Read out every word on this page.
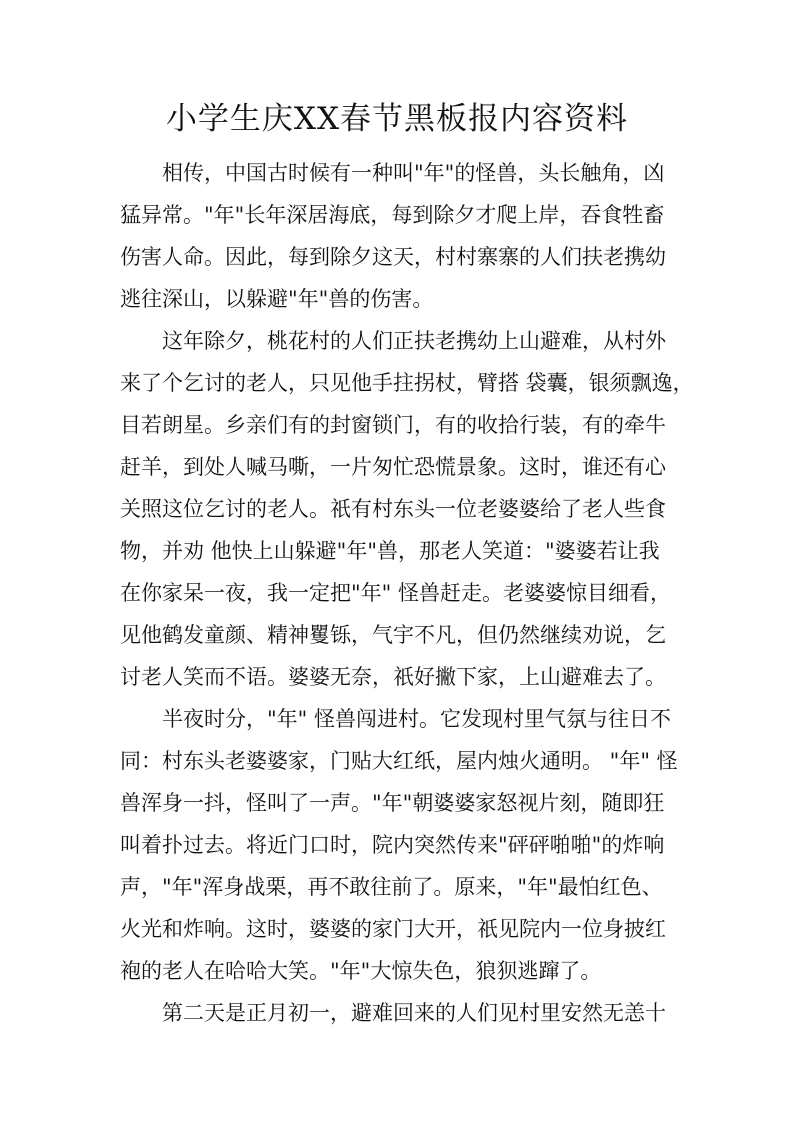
小学生庆XX春节黑板报内容资料
　　相传，中国古时候有一种叫"年"的怪兽，头长触角，凶
猛异常。"年"长年深居海底，每到除夕才爬上岸，吞食牲畜
伤害人命。因此，每到除夕这天，村村寨寨的人们扶老携幼
逃往深山，以躲避"年"兽的伤害。
　　这年除夕，桃花村的人们正扶老携幼上山避难，从村外
来了个乞讨的老人，只见他手拄拐杖，臂搭 袋囊，银须飘逸，
目若朗星。乡亲们有的封窗锁门，有的收拾行装，有的牵牛
赶羊，到处人喊马嘶，一片匆忙恐慌景象。这时，谁还有心
关照这位乞讨的老人。祇有村东头一位老婆婆给了老人些食
物，并劝 他快上山躲避"年"兽，那老人笑道："婆婆若让我
在你家呆一夜，我一定把"年" 怪兽赶走。老婆婆惊目细看，
见他鹤发童颜、精神矍铄，气宇不凡，但仍然继续劝说，乞
讨老人笑而不语。婆婆无奈，祇好撇下家，上山避难去了。
　　半夜时分，"年" 怪兽闯进村。它发现村里气氛与往日不
同：村东头老婆婆家，门贴大红纸，屋内烛火通明。 "年" 怪
兽浑身一抖，怪叫了一声。"年"朝婆婆家怒视片刻，随即狂
叫着扑过去。将近门口时，院内突然传来"砰砰啪啪"的炸响
声，"年"浑身战栗，再不敢往前了。原来，"年"最怕红色、
火光和炸响。这时，婆婆的家门大开，祇见院内一位身披红
袍的老人在哈哈大笑。"年"大惊失色，狼狈逃蹿了。
　　第二天是正月初一，避难回来的人们见村里安然无恙十
